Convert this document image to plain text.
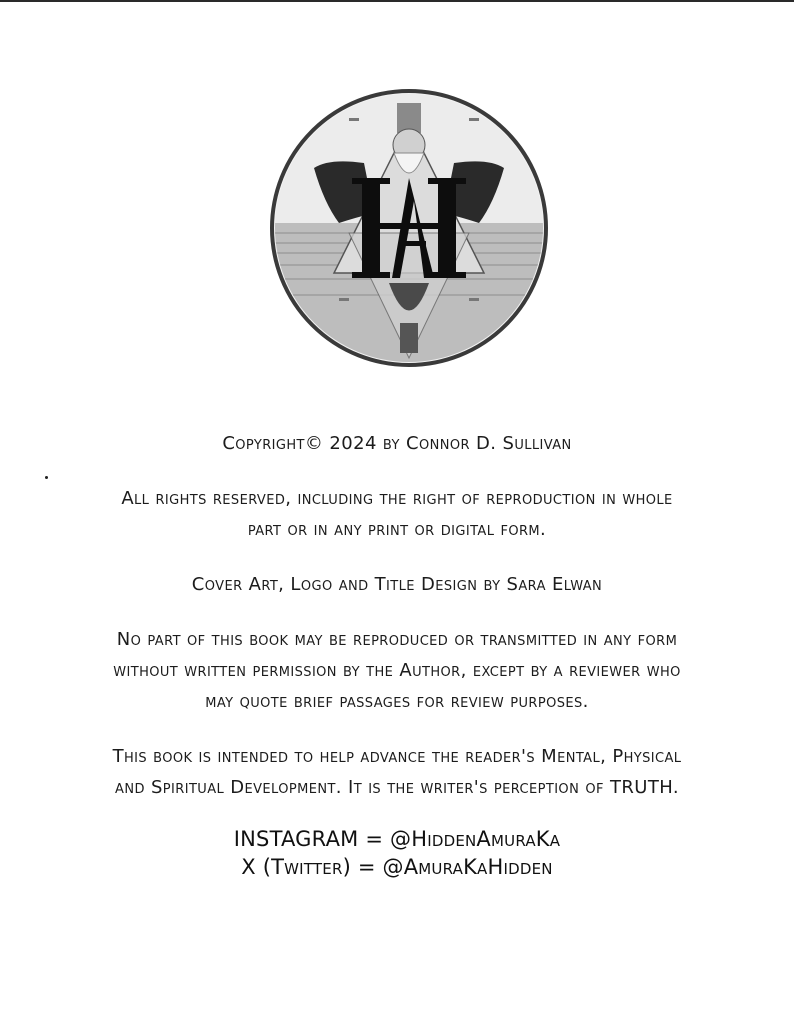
Copyright© 2024 by Connor D. Sullivan

All rights reserved, including the right of reproduction in whole part or in any print or digital form.

Cover Art, Logo and Title Design by Sara Elwan

No part of this book may be reproduced or transmitted in any form without written permission by the Author, except by a reviewer who may quote brief passages for review purposes.

This book is intended to help advance the reader's Mental, Physical and Spiritual Development. It is the writer's perception of TRUTH.

INSTAGRAM = @HiddenAmuraKa
X (Twitter) = @AmuraKaHidden
